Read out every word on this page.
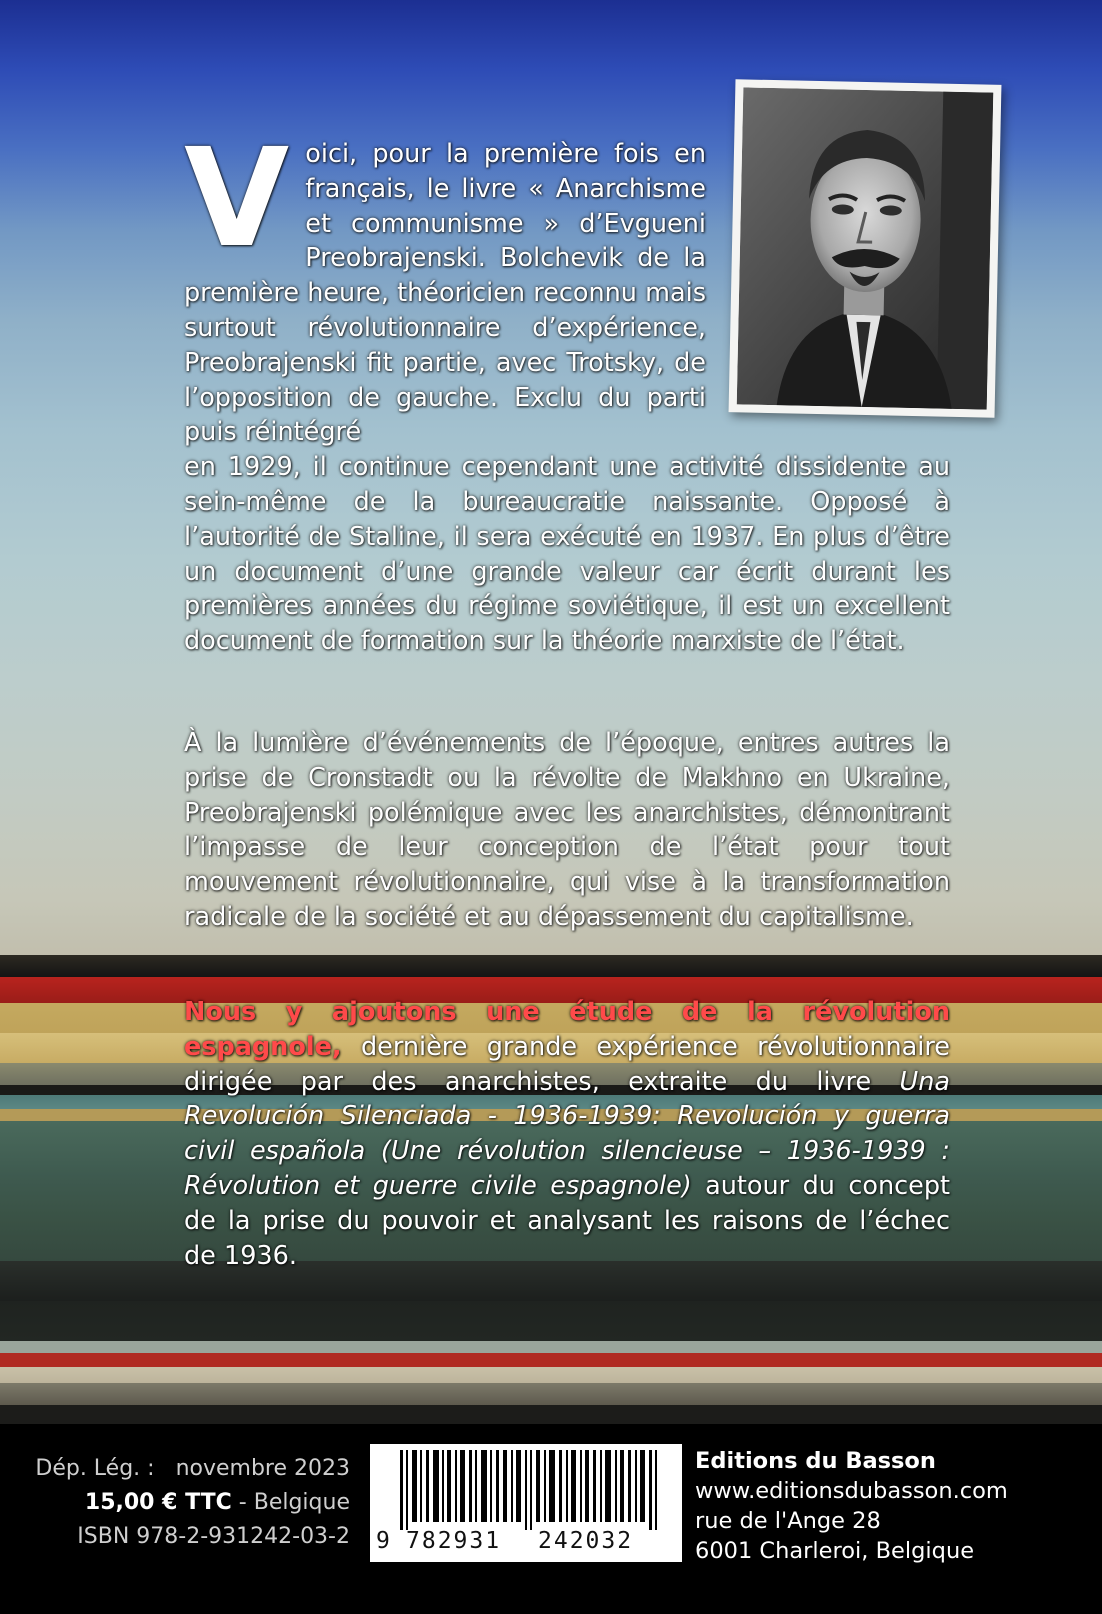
V oici, pour la première fois en français, le livre « Anarchisme et communisme » d’Evgueni Preobrajenski. Bolchevik de la première heure, théoricien reconnu mais surtout révolutionnaire d’expérience, Preobrajenski fit partie, avec Trotsky, de l’opposition de gauche. Exclu du parti puis réintégré

en 1929, il continue cependant une activité dissidente au sein-même de la bureaucratie naissante. Opposé à l’autorité de Staline, il sera exécuté en 1937. En plus d’être un document d’une grande valeur car écrit durant les premières années du régime soviétique, il est un excellent document de formation sur la théorie marxiste de l’état.

À la lumière d’événements de l’époque, entres autres la prise de Cronstadt ou la révolte de Makhno en Ukraine, Preobrajenski polémique avec les anarchistes, démontrant l’impasse de leur conception de l’état pour tout mouvement révolutionnaire, qui vise à la transformation radicale de la société et au dépassement du capitalisme.

Nous y ajoutons une étude de la révolution espagnole, dernière grande expérience révolutionnaire dirigée par des anarchistes, extraite du livre Una Revolución Silenciada - 1936-1939: Revolución y guerra civil española (Une révolution silencieuse – 1936-1939 : Révolution et guerre civile espagnole) autour du concept de la prise du pouvoir et analysant les raisons de l’échec de 1936.

Dép. Lég. : novembre 2023
15,00 € TTC - Belgique
ISBN 978-2-931242-03-2 9 782931 242032
Editions du Basson
www.editionsdubasson.com
rue de l'Ange 28
6001 Charleroi, Belgique
